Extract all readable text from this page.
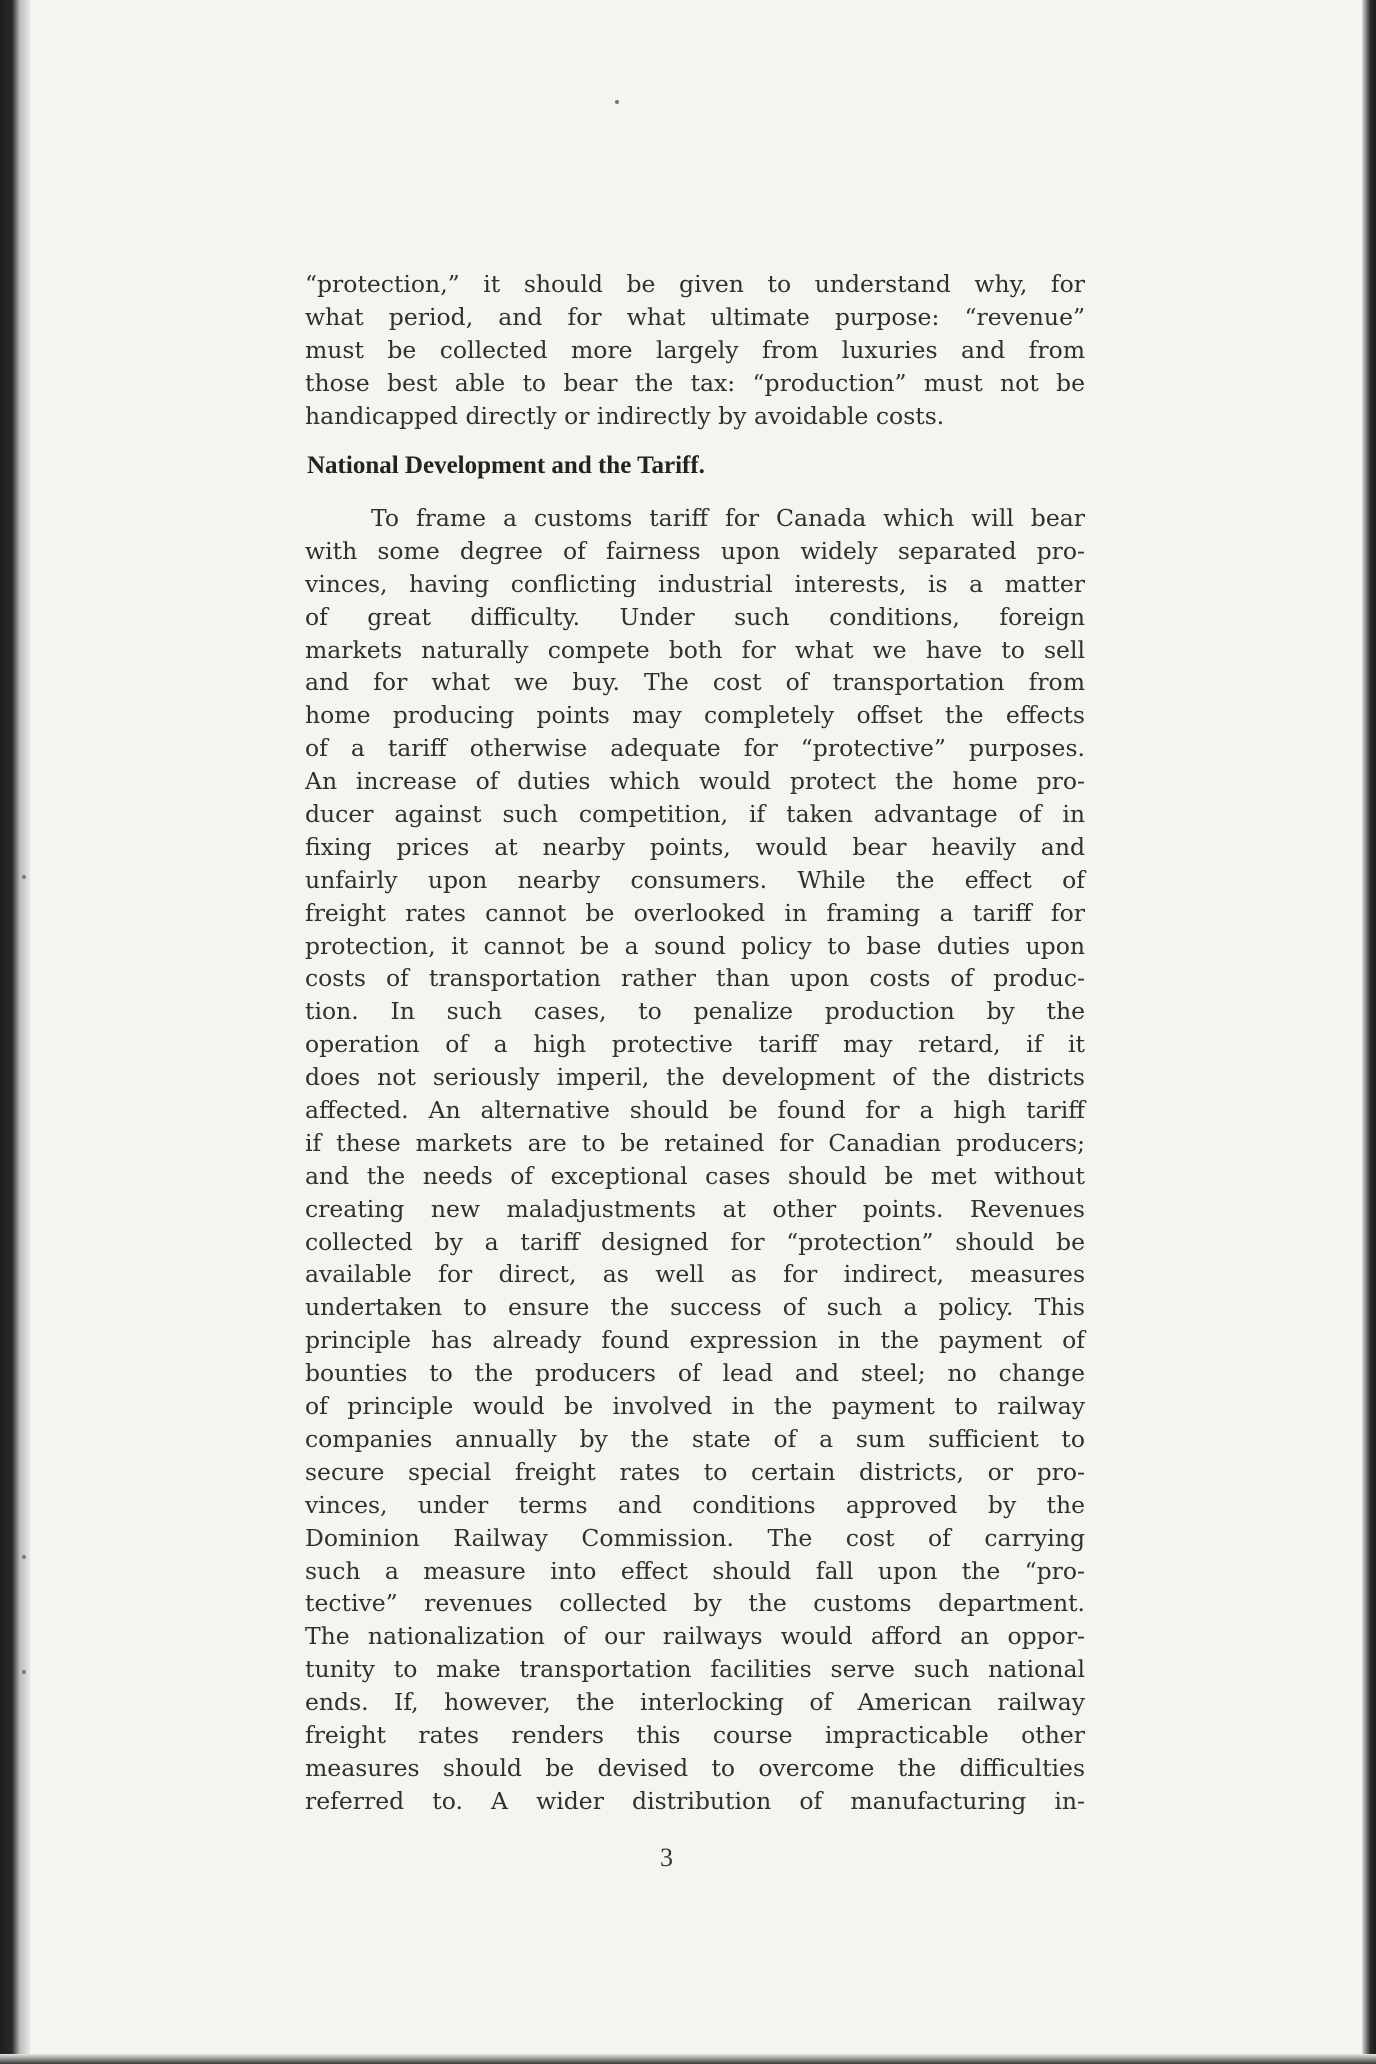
“protection,” it should be given to understand why, for
what period, and for what ultimate purpose: “revenue”
must be collected more largely from luxuries and from
those best able to bear the tax: “production” must not be
handicapped directly or indirectly by avoidable costs.
National Development and the Tariff.
To frame a customs tariff for Canada which will bear
with some degree of fairness upon widely separated pro-
vinces, having conflicting industrial interests, is a matter
of great difficulty. Under such conditions, foreign
markets naturally compete both for what we have to sell
and for what we buy. The cost of transportation from
home producing points may completely offset the effects
of a tariff otherwise adequate for “protective” purposes.
An increase of duties which would protect the home pro-
ducer against such competition, if taken advantage of in
fixing prices at nearby points, would bear heavily and
unfairly upon nearby consumers. While the effect of
freight rates cannot be overlooked in framing a tariff for
protection, it cannot be a sound policy to base duties upon
costs of transportation rather than upon costs of produc-
tion. In such cases, to penalize production by the
operation of a high protective tariff may retard, if it
does not seriously imperil, the development of the districts
affected. An alternative should be found for a high tariff
if these markets are to be retained for Canadian producers;
and the needs of exceptional cases should be met without
creating new maladjustments at other points. Revenues
collected by a tariff designed for “protection” should be
available for direct, as well as for indirect, measures
undertaken to ensure the success of such a policy. This
principle has already found expression in the payment of
bounties to the producers of lead and steel; no change
of principle would be involved in the payment to railway
companies annually by the state of a sum sufficient to
secure special freight rates to certain districts, or pro-
vinces, under terms and conditions approved by the
Dominion Railway Commission. The cost of carrying
such a measure into effect should fall upon the “pro-
tective” revenues collected by the customs department.
The nationalization of our railways would afford an oppor-
tunity to make transportation facilities serve such national
ends. If, however, the interlocking of American railway
freight rates renders this course impracticable other
measures should be devised to overcome the difficulties
referred to. A wider distribution of manufacturing in-
3
